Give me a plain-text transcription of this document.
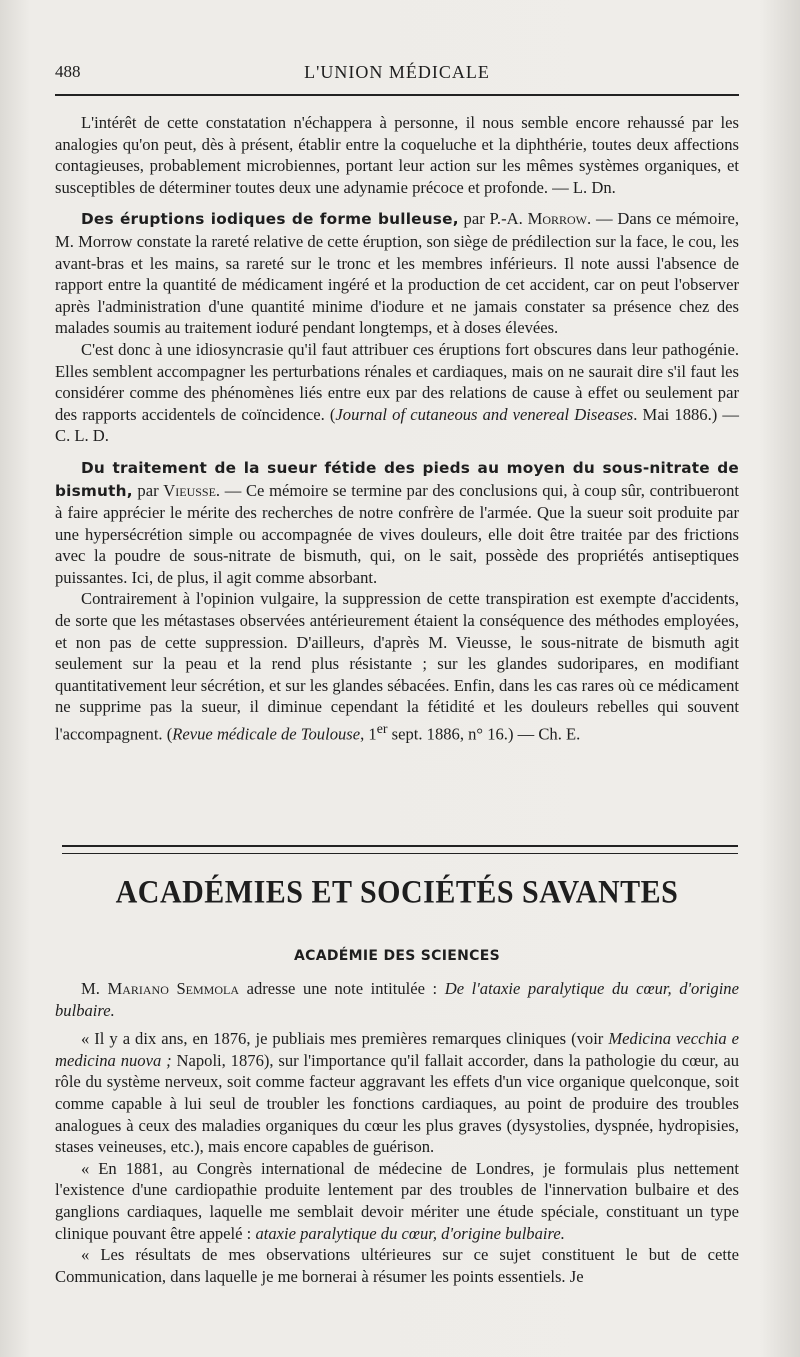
488	L'UNION MÉDICALE

L'intérêt de cette constatation n'échappera à personne, il nous semble encore rehaussé par les analogies qu'on peut, dès à présent, établir entre la coqueluche et la diphthérie, toutes deux affections contagieuses, probablement microbiennes, portant leur action sur les mêmes systèmes organiques, et susceptibles de déterminer toutes deux une adynamie précoce et profonde. — L. Dn.

Des éruptions iodiques de forme bulleuse, par P.-A. Morrow. — Dans ce mémoire, M. Morrow constate la rareté relative de cette éruption, son siège de prédilection sur la face, le cou, les avant-bras et les mains, sa rareté sur le tronc et les membres inférieurs. Il note aussi l'absence de rapport entre la quantité de médicament ingéré et la production de cet accident, car on peut l'observer après l'administration d'une quantité minime d'iodure et ne jamais constater sa présence chez des malades soumis au traitement ioduré pendant longtemps, et à doses élevées.

C'est donc à une idiosyncrasie qu'il faut attribuer ces éruptions fort obscures dans leur pathogénie. Elles semblent accompagner les perturbations rénales et cardiaques, mais on ne saurait dire s'il faut les considérer comme des phénomènes liés entre eux par des relations de cause à effet ou seulement par des rapports accidentels de coïncidence. (Journal of cutaneous and venereal Diseases. Mai 1886.) — C. L. D.

Du traitement de la sueur fétide des pieds au moyen du sous-nitrate de bismuth, par Vieusse. — Ce mémoire se termine par des conclusions qui, à coup sûr, contribueront à faire apprécier le mérite des recherches de notre confrère de l'armée. Que la sueur soit produite par une hypersécrétion simple ou accompagnée de vives douleurs, elle doit être traitée par des frictions avec la poudre de sous-nitrate de bismuth, qui, on le sait, possède des propriétés antiseptiques puissantes. Ici, de plus, il agit comme absorbant.

Contrairement à l'opinion vulgaire, la suppression de cette transpiration est exempte d'accidents, de sorte que les métastases observées antérieurement étaient la conséquence des méthodes employées, et non pas de cette suppression. D'ailleurs, d'après M. Vieusse, le sous-nitrate de bismuth agit seulement sur la peau et la rend plus résistante ; sur les glandes sudoripares, en modifiant quantitativement leur sécrétion, et sur les glandes sébacées. Enfin, dans les cas rares où ce médicament ne supprime pas la sueur, il diminue cependant la fétidité et les douleurs rebelles qui souvent l'accompagnent. (Revue médicale de Toulouse, 1er sept. 1886, n° 16.) — Ch. E.

ACADÉMIES ET SOCIÉTÉS SAVANTES
ACADÉMIE DES SCIENCES

M. Mariano Semmola adresse une note intitulée : De l'ataxie paralytique du cœur, d'origine bulbaire.

« Il y a dix ans, en 1876, je publiais mes premières remarques cliniques (voir Medicina vecchia e medicina nuova ; Napoli, 1876), sur l'importance qu'il fallait accorder, dans la pathologie du cœur, au rôle du système nerveux, soit comme facteur aggravant les effets d'un vice organique quelconque, soit comme capable à lui seul de troubler les fonctions cardiaques, au point de produire des troubles analogues à ceux des maladies organiques du cœur les plus graves (dysystolies, dyspnée, hydropisies, stases veineuses, etc.), mais encore capables de guérison.

« En 1881, au Congrès international de médecine de Londres, je formulais plus nettement l'existence d'une cardiopathie produite lentement par des troubles de l'innervation bulbaire et des ganglions cardiaques, laquelle me semblait devoir mériter une étude spéciale, constituant un type clinique pouvant être appelé : ataxie paralytique du cœur, d'origine bulbaire.

« Les résultats de mes observations ultérieures sur ce sujet constituent le but de cette Communication, dans laquelle je me bornerai à résumer les points essentiels. Je
